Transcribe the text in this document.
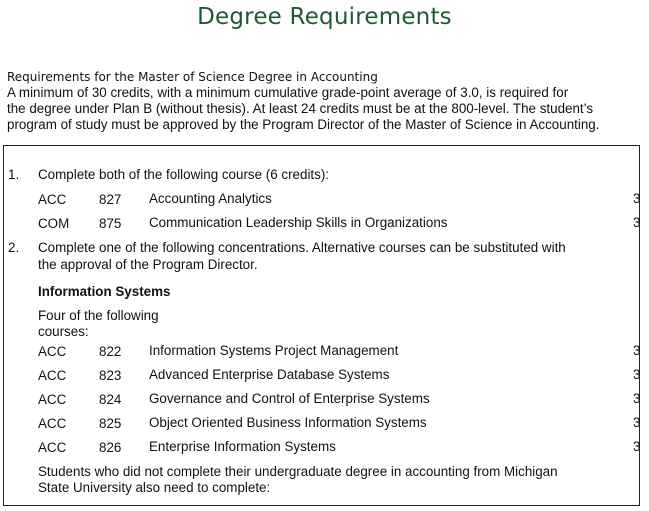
Degree Requirements
Requirements for the Master of Science Degree in Accounting
A minimum of 30 credits, with a minimum cumulative grade-point average of 3.0, is required for
the degree under Plan B (without thesis). At least 24 credits must be at the 800-level. The student’s
program of study must be approved by the Program Director of the Master of Science in Accounting.
1. Complete both of the following course (6 credits):
ACC 827 Accounting Analytics	3
COM 875 Communication Leadership Skills in Organizations	3
2. Complete one of the following concentrations. Alternative courses can be substituted with
the approval of the Program Director.
Information Systems
Four of the following
courses:
ACC 822 Information Systems Project Management	3
ACC 823 Advanced Enterprise Database Systems	3
ACC 824 Governance and Control of Enterprise Systems	3
ACC 825 Object Oriented Business Information Systems	3
ACC 826 Enterprise Information Systems	3
Students who did not complete their undergraduate degree in accounting from Michigan
State University also need to complete:
